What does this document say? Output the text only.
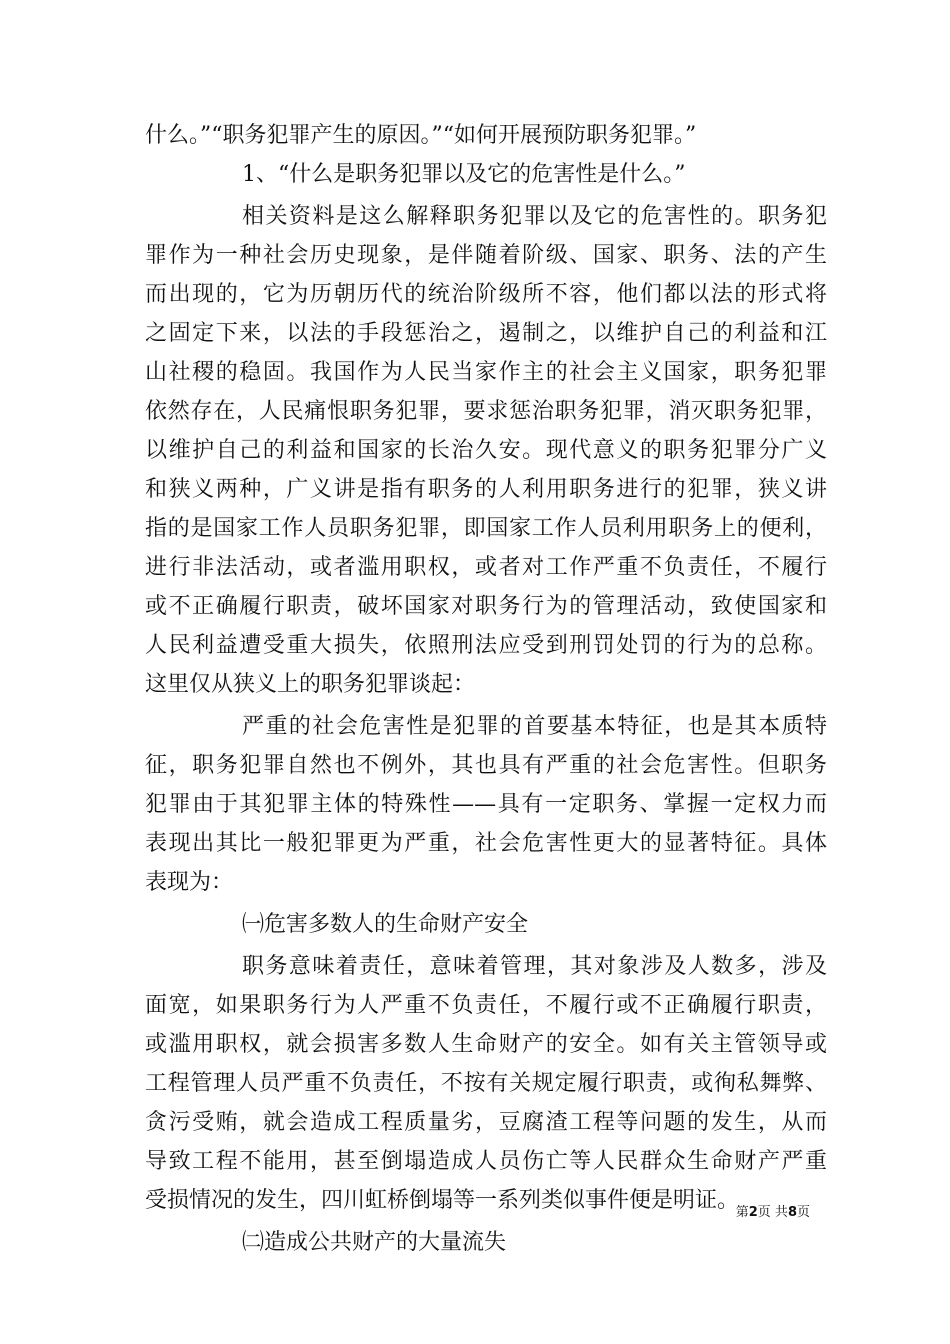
什么。”“职务犯罪产生的原因。”“如何开展预防职务犯罪。”
1、“什么是职务犯罪以及它的危害性是什么。”
相关资料是这么解释职务犯罪以及它的危害性的。职务犯
罪作为一种社会历史现象，是伴随着阶级、国家、职务、法的产生
而出现的，它为历朝历代的统治阶级所不容，他们都以法的形式将
之固定下来，以法的手段惩治之，遏制之，以维护自己的利益和江
山社稷的稳固。我国作为人民当家作主的社会主义国家，职务犯罪
依然存在，人民痛恨职务犯罪，要求惩治职务犯罪，消灭职务犯罪，
以维护自己的利益和国家的长治久安。现代意义的职务犯罪分广义
和狭义两种，广义讲是指有职务的人利用职务进行的犯罪，狭义讲
指的是国家工作人员职务犯罪，即国家工作人员利用职务上的便利，
进行非法活动，或者滥用职权，或者对工作严重不负责任，不履行
或不正确履行职责，破坏国家对职务行为的管理活动，致使国家和
人民利益遭受重大损失，依照刑法应受到刑罚处罚的行为的总称。
这里仅从狭义上的职务犯罪谈起：
严重的社会危害性是犯罪的首要基本特征，也是其本质特
征，职务犯罪自然也不例外，其也具有严重的社会危害性。但职务
犯罪由于其犯罪主体的特殊性——具有一定职务、掌握一定权力而
表现出其比一般犯罪更为严重，社会危害性更大的显著特征。具体
表现为：
㈠危害多数人的生命财产安全
职务意味着责任，意味着管理，其对象涉及人数多，涉及
面宽，如果职务行为人严重不负责任，不履行或不正确履行职责，
或滥用职权，就会损害多数人生命财产的安全。如有关主管领导或
工程管理人员严重不负责任，不按有关规定履行职责，或徇私舞弊、
贪污受贿，就会造成工程质量劣，豆腐渣工程等问题的发生，从而
导致工程不能用，甚至倒塌造成人员伤亡等人民群众生命财产严重
受损情况的发生，四川虹桥倒塌等一系列类似事件便是明证。
㈡造成公共财产的大量流失
第2页 共8页
